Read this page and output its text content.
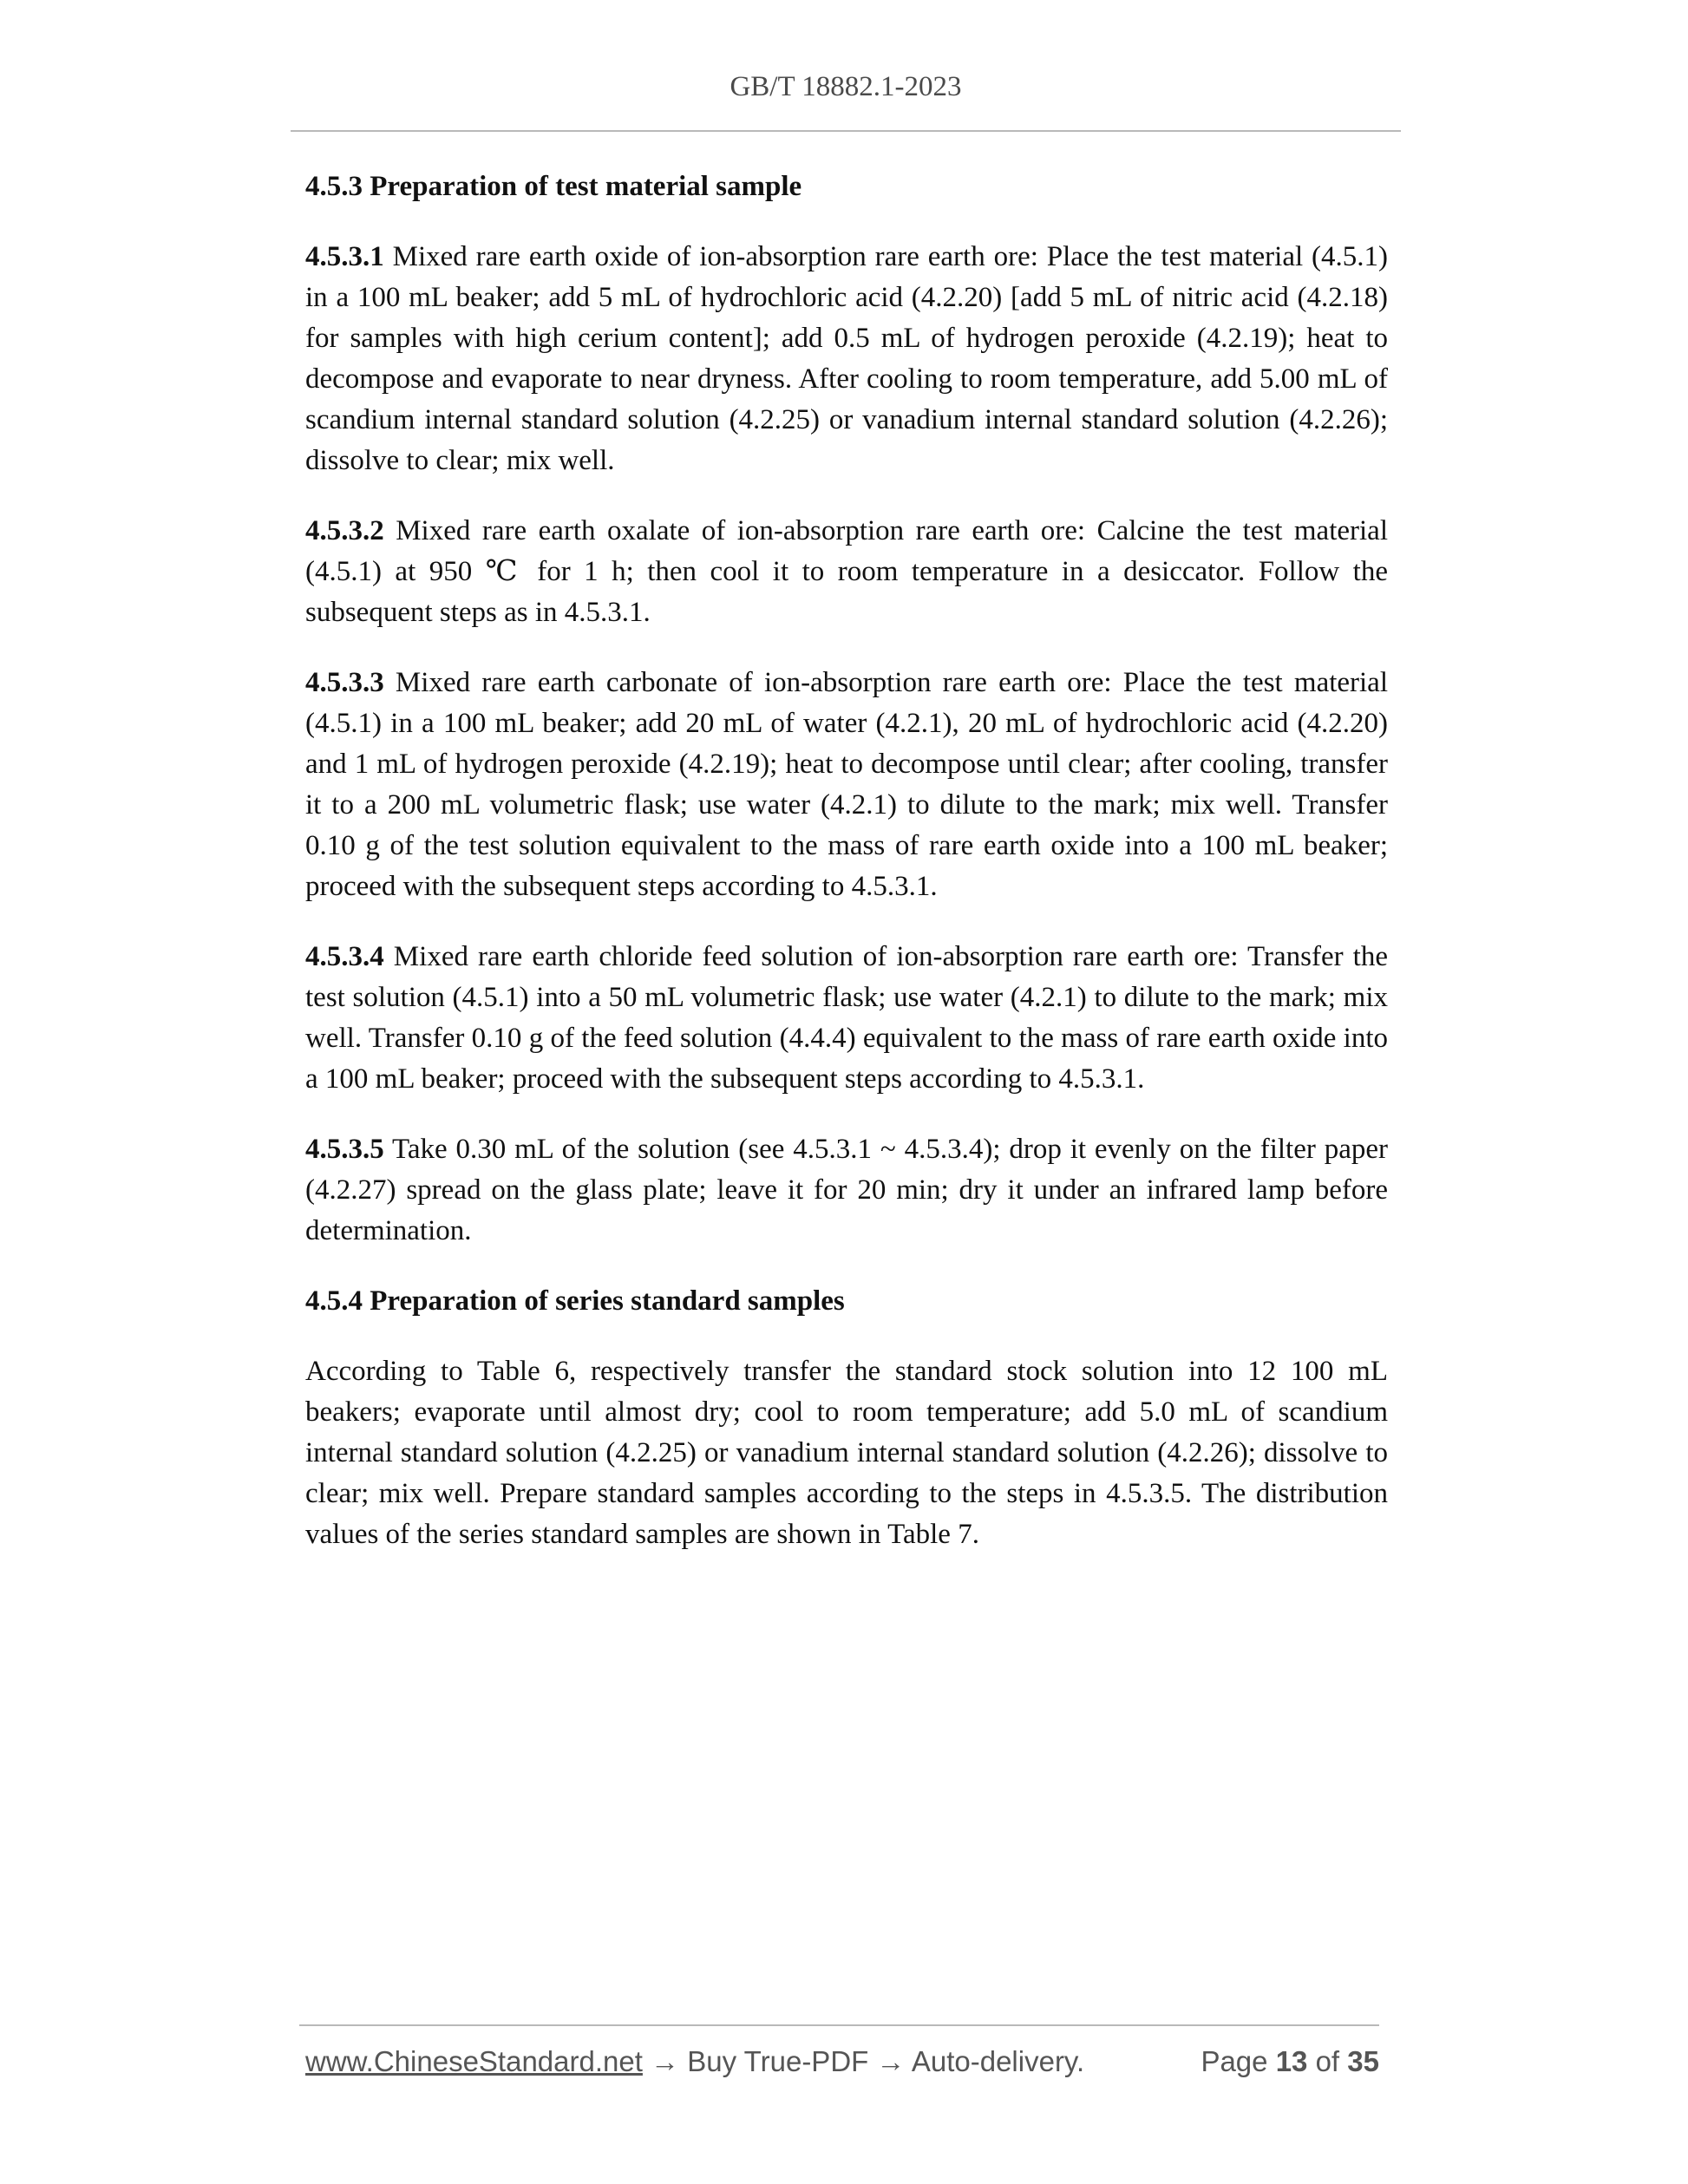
GB/T 18882.1-2023
4.5.3 Preparation of test material sample
4.5.3.1 Mixed rare earth oxide of ion-absorption rare earth ore: Place the test material (4.5.1) in a 100 mL beaker; add 5 mL of hydrochloric acid (4.2.20) [add 5 mL of nitric acid (4.2.18) for samples with high cerium content]; add 0.5 mL of hydrogen peroxide (4.2.19); heat to decompose and evaporate to near dryness. After cooling to room temperature, add 5.00 mL of scandium internal standard solution (4.2.25) or vanadium internal standard solution (4.2.26); dissolve to clear; mix well.
4.5.3.2 Mixed rare earth oxalate of ion-absorption rare earth ore: Calcine the test material (4.5.1) at 950 ℃ for 1 h; then cool it to room temperature in a desiccator. Follow the subsequent steps as in 4.5.3.1.
4.5.3.3 Mixed rare earth carbonate of ion-absorption rare earth ore: Place the test material (4.5.1) in a 100 mL beaker; add 20 mL of water (4.2.1), 20 mL of hydrochloric acid (4.2.20) and 1 mL of hydrogen peroxide (4.2.19); heat to decompose until clear; after cooling, transfer it to a 200 mL volumetric flask; use water (4.2.1) to dilute to the mark; mix well. Transfer 0.10 g of the test solution equivalent to the mass of rare earth oxide into a 100 mL beaker; proceed with the subsequent steps according to 4.5.3.1.
4.5.3.4 Mixed rare earth chloride feed solution of ion-absorption rare earth ore: Transfer the test solution (4.5.1) into a 50 mL volumetric flask; use water (4.2.1) to dilute to the mark; mix well. Transfer 0.10 g of the feed solution (4.4.4) equivalent to the mass of rare earth oxide into a 100 mL beaker; proceed with the subsequent steps according to 4.5.3.1.
4.5.3.5 Take 0.30 mL of the solution (see 4.5.3.1 ~ 4.5.3.4); drop it evenly on the filter paper (4.2.27) spread on the glass plate; leave it for 20 min; dry it under an infrared lamp before determination.
4.5.4 Preparation of series standard samples
According to Table 6, respectively transfer the standard stock solution into 12 100 mL beakers; evaporate until almost dry; cool to room temperature; add 5.0 mL of scandium internal standard solution (4.2.25) or vanadium internal standard solution (4.2.26); dissolve to clear; mix well. Prepare standard samples according to the steps in 4.5.3.5. The distribution values of the series standard samples are shown in Table 7.
www.ChineseStandard.net → Buy True-PDF → Auto-delivery.	Page 13 of 35
